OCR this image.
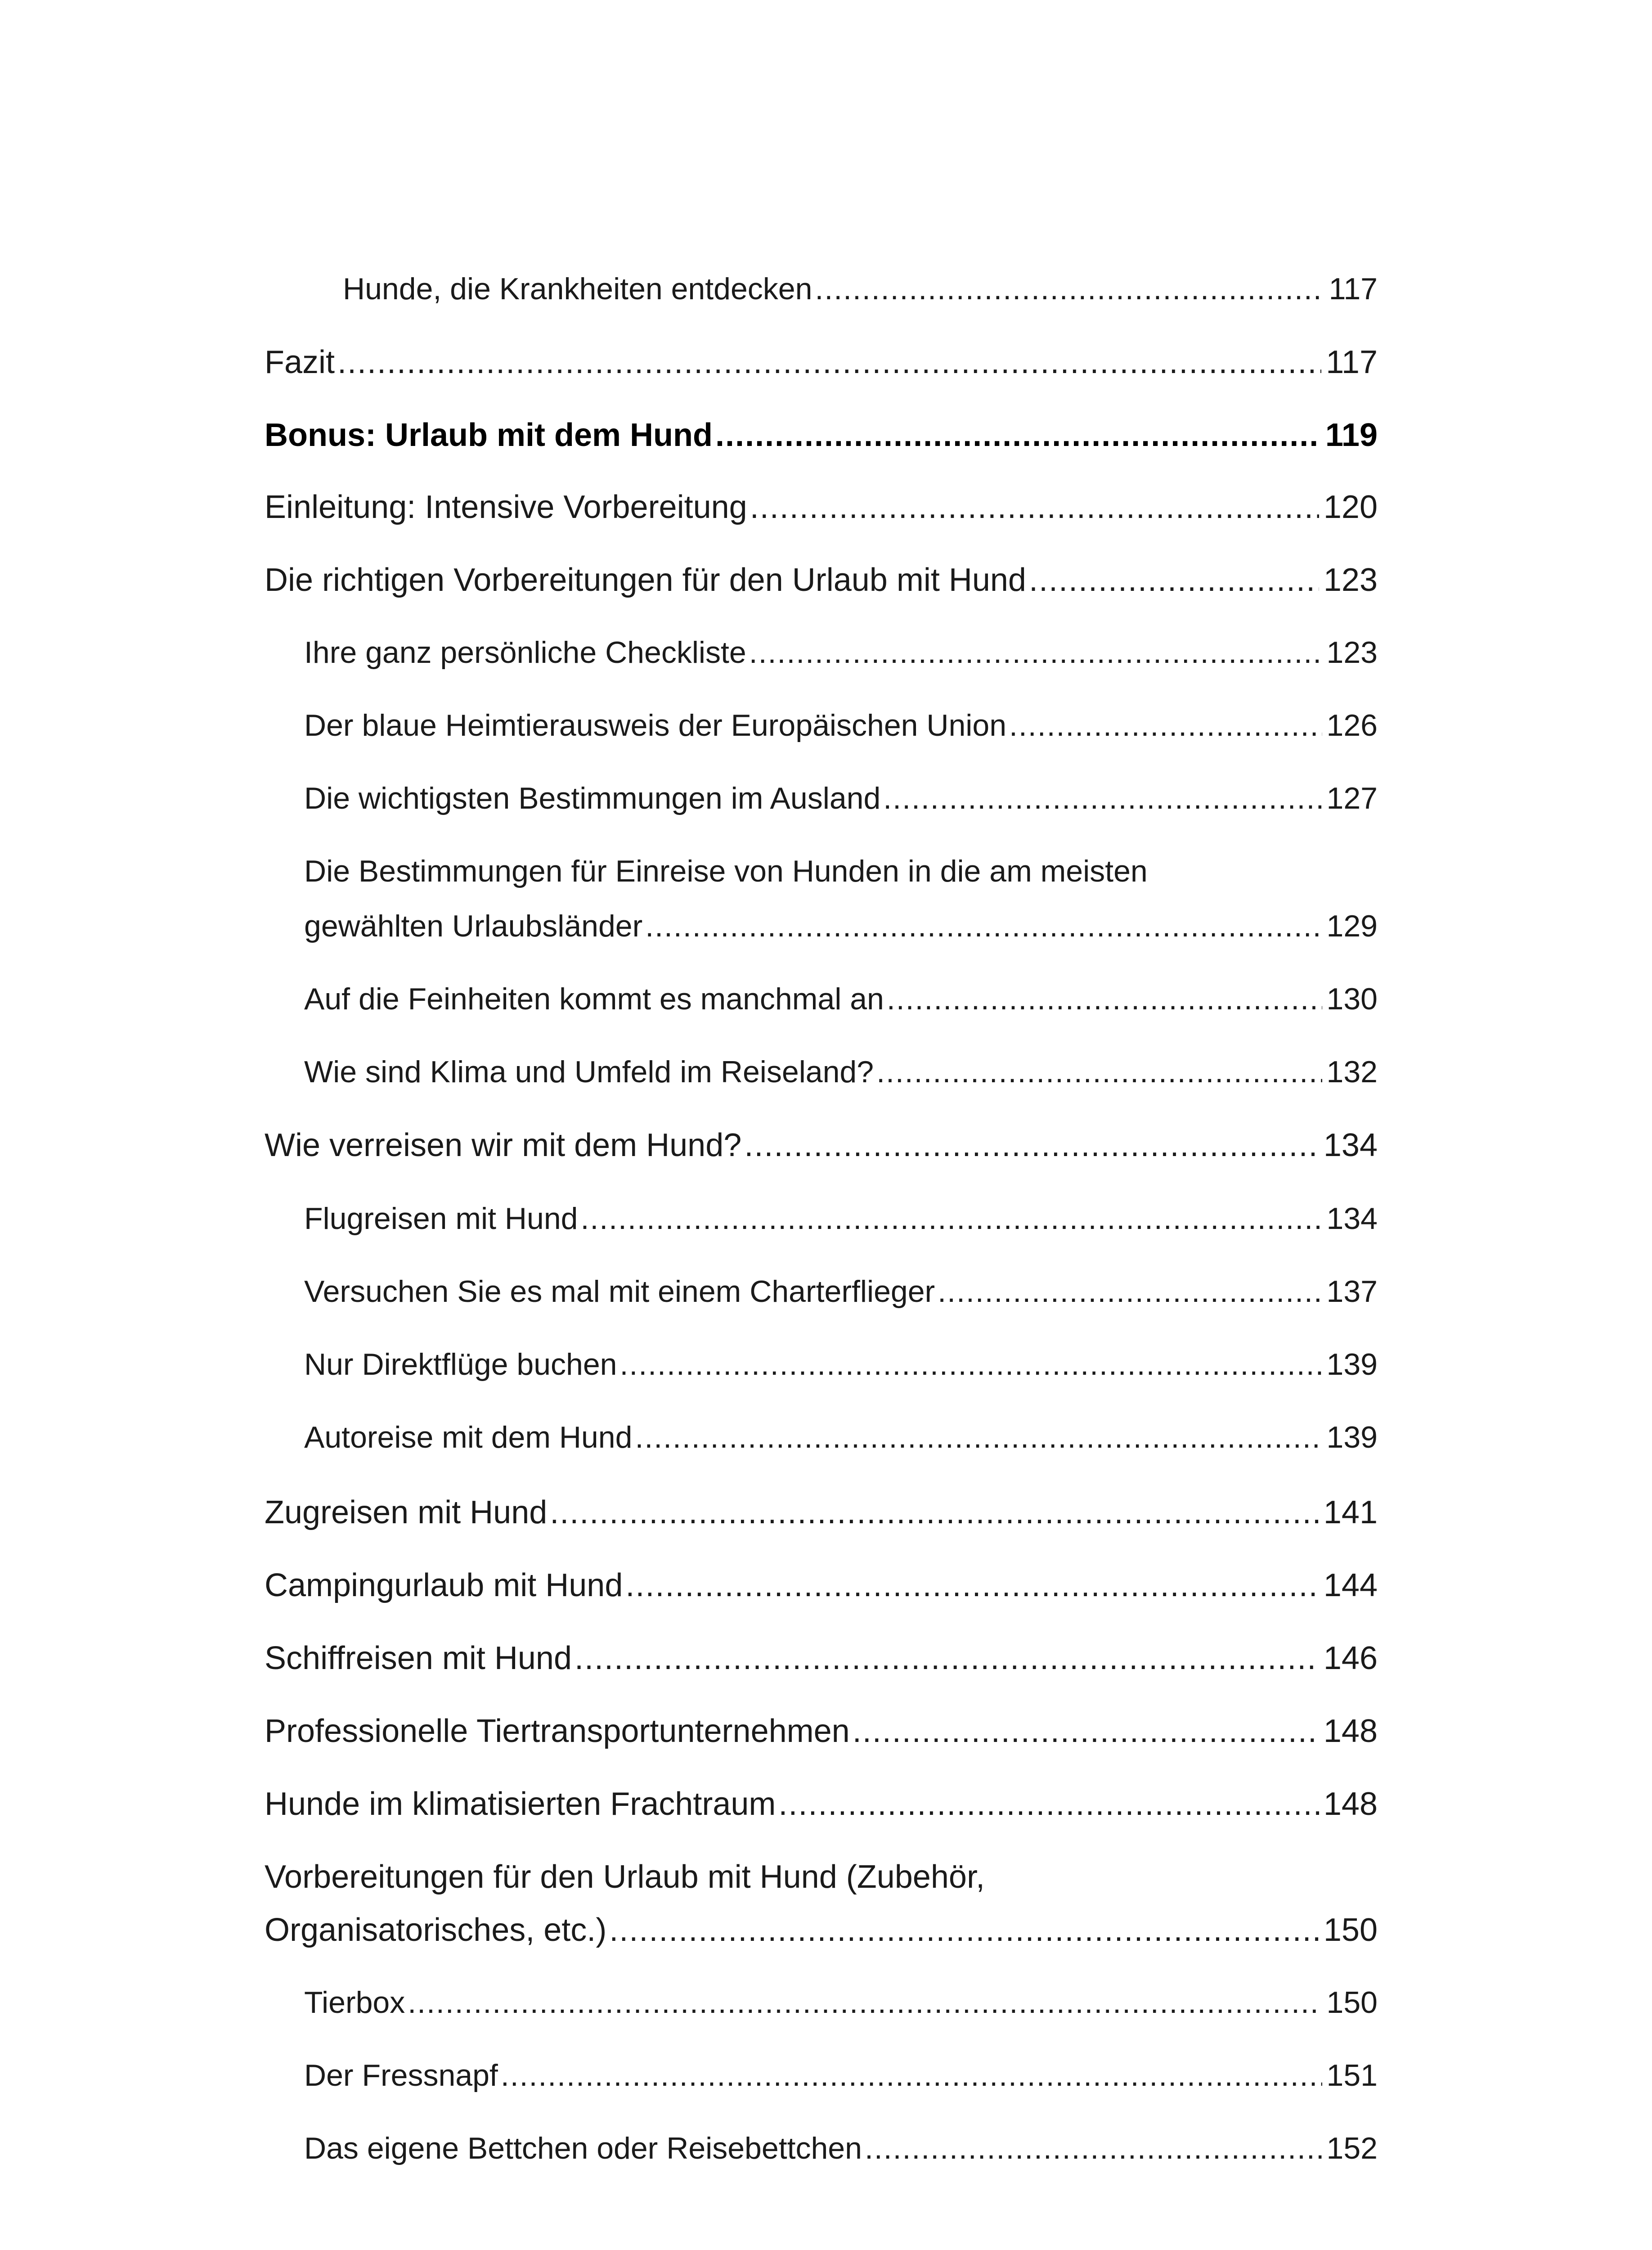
Hunde, die Krankheiten entdecken .....	117
Fazit .....	117
Bonus: Urlaub mit dem Hund .....	119
Einleitung: Intensive Vorbereitung .....	120
Die richtigen Vorbereitungen für den Urlaub mit Hund .....	123
Ihre ganz persönliche Checkliste .....	123
Der blaue Heimtierausweis der Europäischen Union .....	126
Die wichtigsten Bestimmungen im Ausland .....	127
Die Bestimmungen für Einreise von Hunden in die am meisten
gewählten Urlaubsländer .....	129
Auf die Feinheiten kommt es manchmal an .....	130
Wie sind Klima und Umfeld im Reiseland? .....	132
Wie verreisen wir mit dem Hund? .....	134
Flugreisen mit Hund .....	134
Versuchen Sie es mal mit einem Charterflieger .....	137
Nur Direktflüge buchen .....	139
Autoreise mit dem Hund .....	139
Zugreisen mit Hund .....	141
Campingurlaub mit Hund .....	144
Schiffreisen mit Hund .....	146
Professionelle Tiertransportunternehmen .....	148
Hunde im klimatisierten Frachtraum .....	148
Vorbereitungen für den Urlaub mit Hund (Zubehör,
Organisatorisches, etc.) .....	150
Tierbox .....	150
Der Fressnapf .....	151
Das eigene Bettchen oder Reisebettchen .....	152
